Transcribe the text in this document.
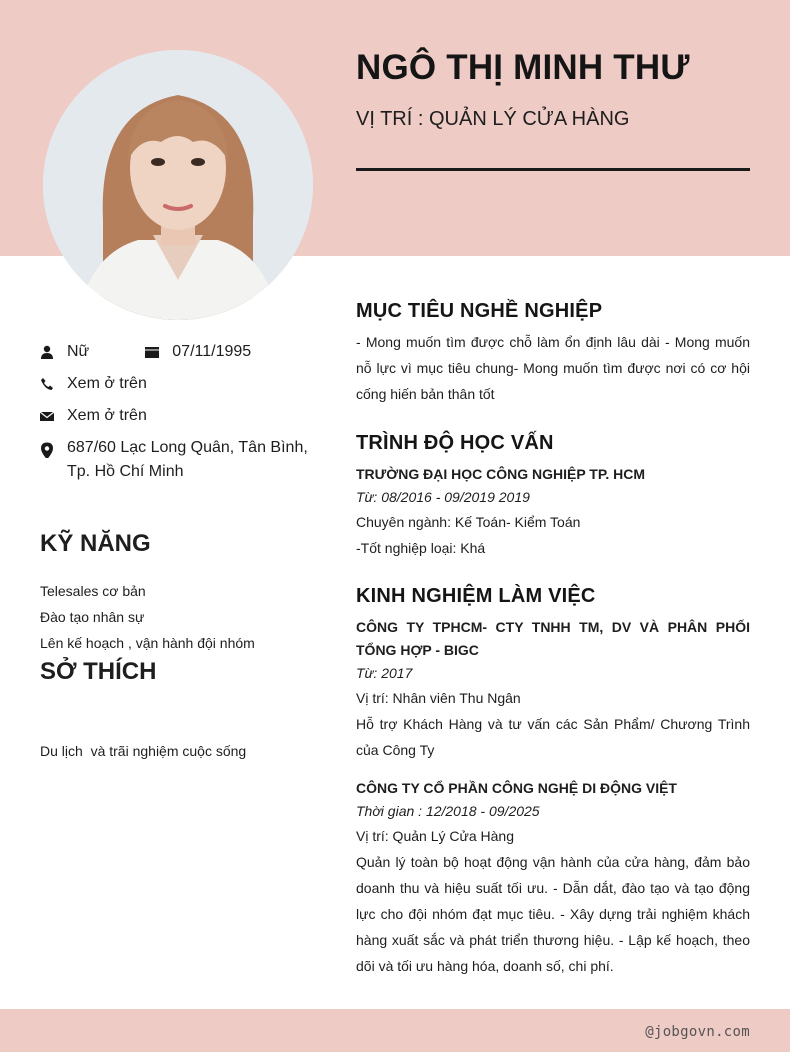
@jobgovn.com
NGÔ THỊ MINH THƯ
VỊ TRÍ : QUẢN LÝ CỬA HÀNG
Nữ	07/11/1995
Xem ở trên
Xem ở trên
687/60 Lạc Long Quân, Tân Bình, Tp. Hồ Chí Minh
KỸ NĂNG
Telesales cơ bản
Đào tạo nhân sự
Lên kế hoạch , vận hành đội nhóm
SỞ THÍCH

Du lịch  và trãi nghiệm cuộc sống

MỤC TIÊU NGHỀ NGHIỆP
- Mong muốn tìm được chỗ làm ổn định lâu dài - Mong muốn nỗ lực vì mục tiêu chung- Mong muốn tìm được nơi có cơ hội cống hiến bản thân tốt
TRÌNH ĐỘ HỌC VẤN
TRƯỜNG ĐẠI HỌC CÔNG NGHIỆP TP. HCM
Từ: 08/2016 - 09/2019 2019
Chuyên ngành: Kế Toán- Kiểm Toán
-Tốt nghiệp loại: Khá
KINH NGHIỆM LÀM VIỆC
CÔNG TY TPHCM- CTY TNHH TM, DV VÀ PHÂN PHỐI TỔNG HỢP - BIGC
Từ: 2017
Vị trí: Nhân viên Thu Ngân
Hỗ trợ Khách Hàng và tư vấn các Sản Phẩm/ Chương Trình của Công Ty
CÔNG TY CỔ PHẦN CÔNG NGHỆ DI ĐỘNG VIỆT
Thời gian : 12/2018 - 09/2025
Vị trí: Quản Lý Cửa Hàng
Quản lý toàn bộ hoạt động vận hành của cửa hàng, đảm bảo doanh thu và hiệu suất tối ưu. - Dẫn dắt, đào tạo và tạo động lực cho đội nhóm đạt mục tiêu. - Xây dựng trải nghiệm khách hàng xuất sắc và phát triển thương hiệu. - Lập kế hoạch, theo dõi và tối ưu hàng hóa, doanh số, chi phí.
